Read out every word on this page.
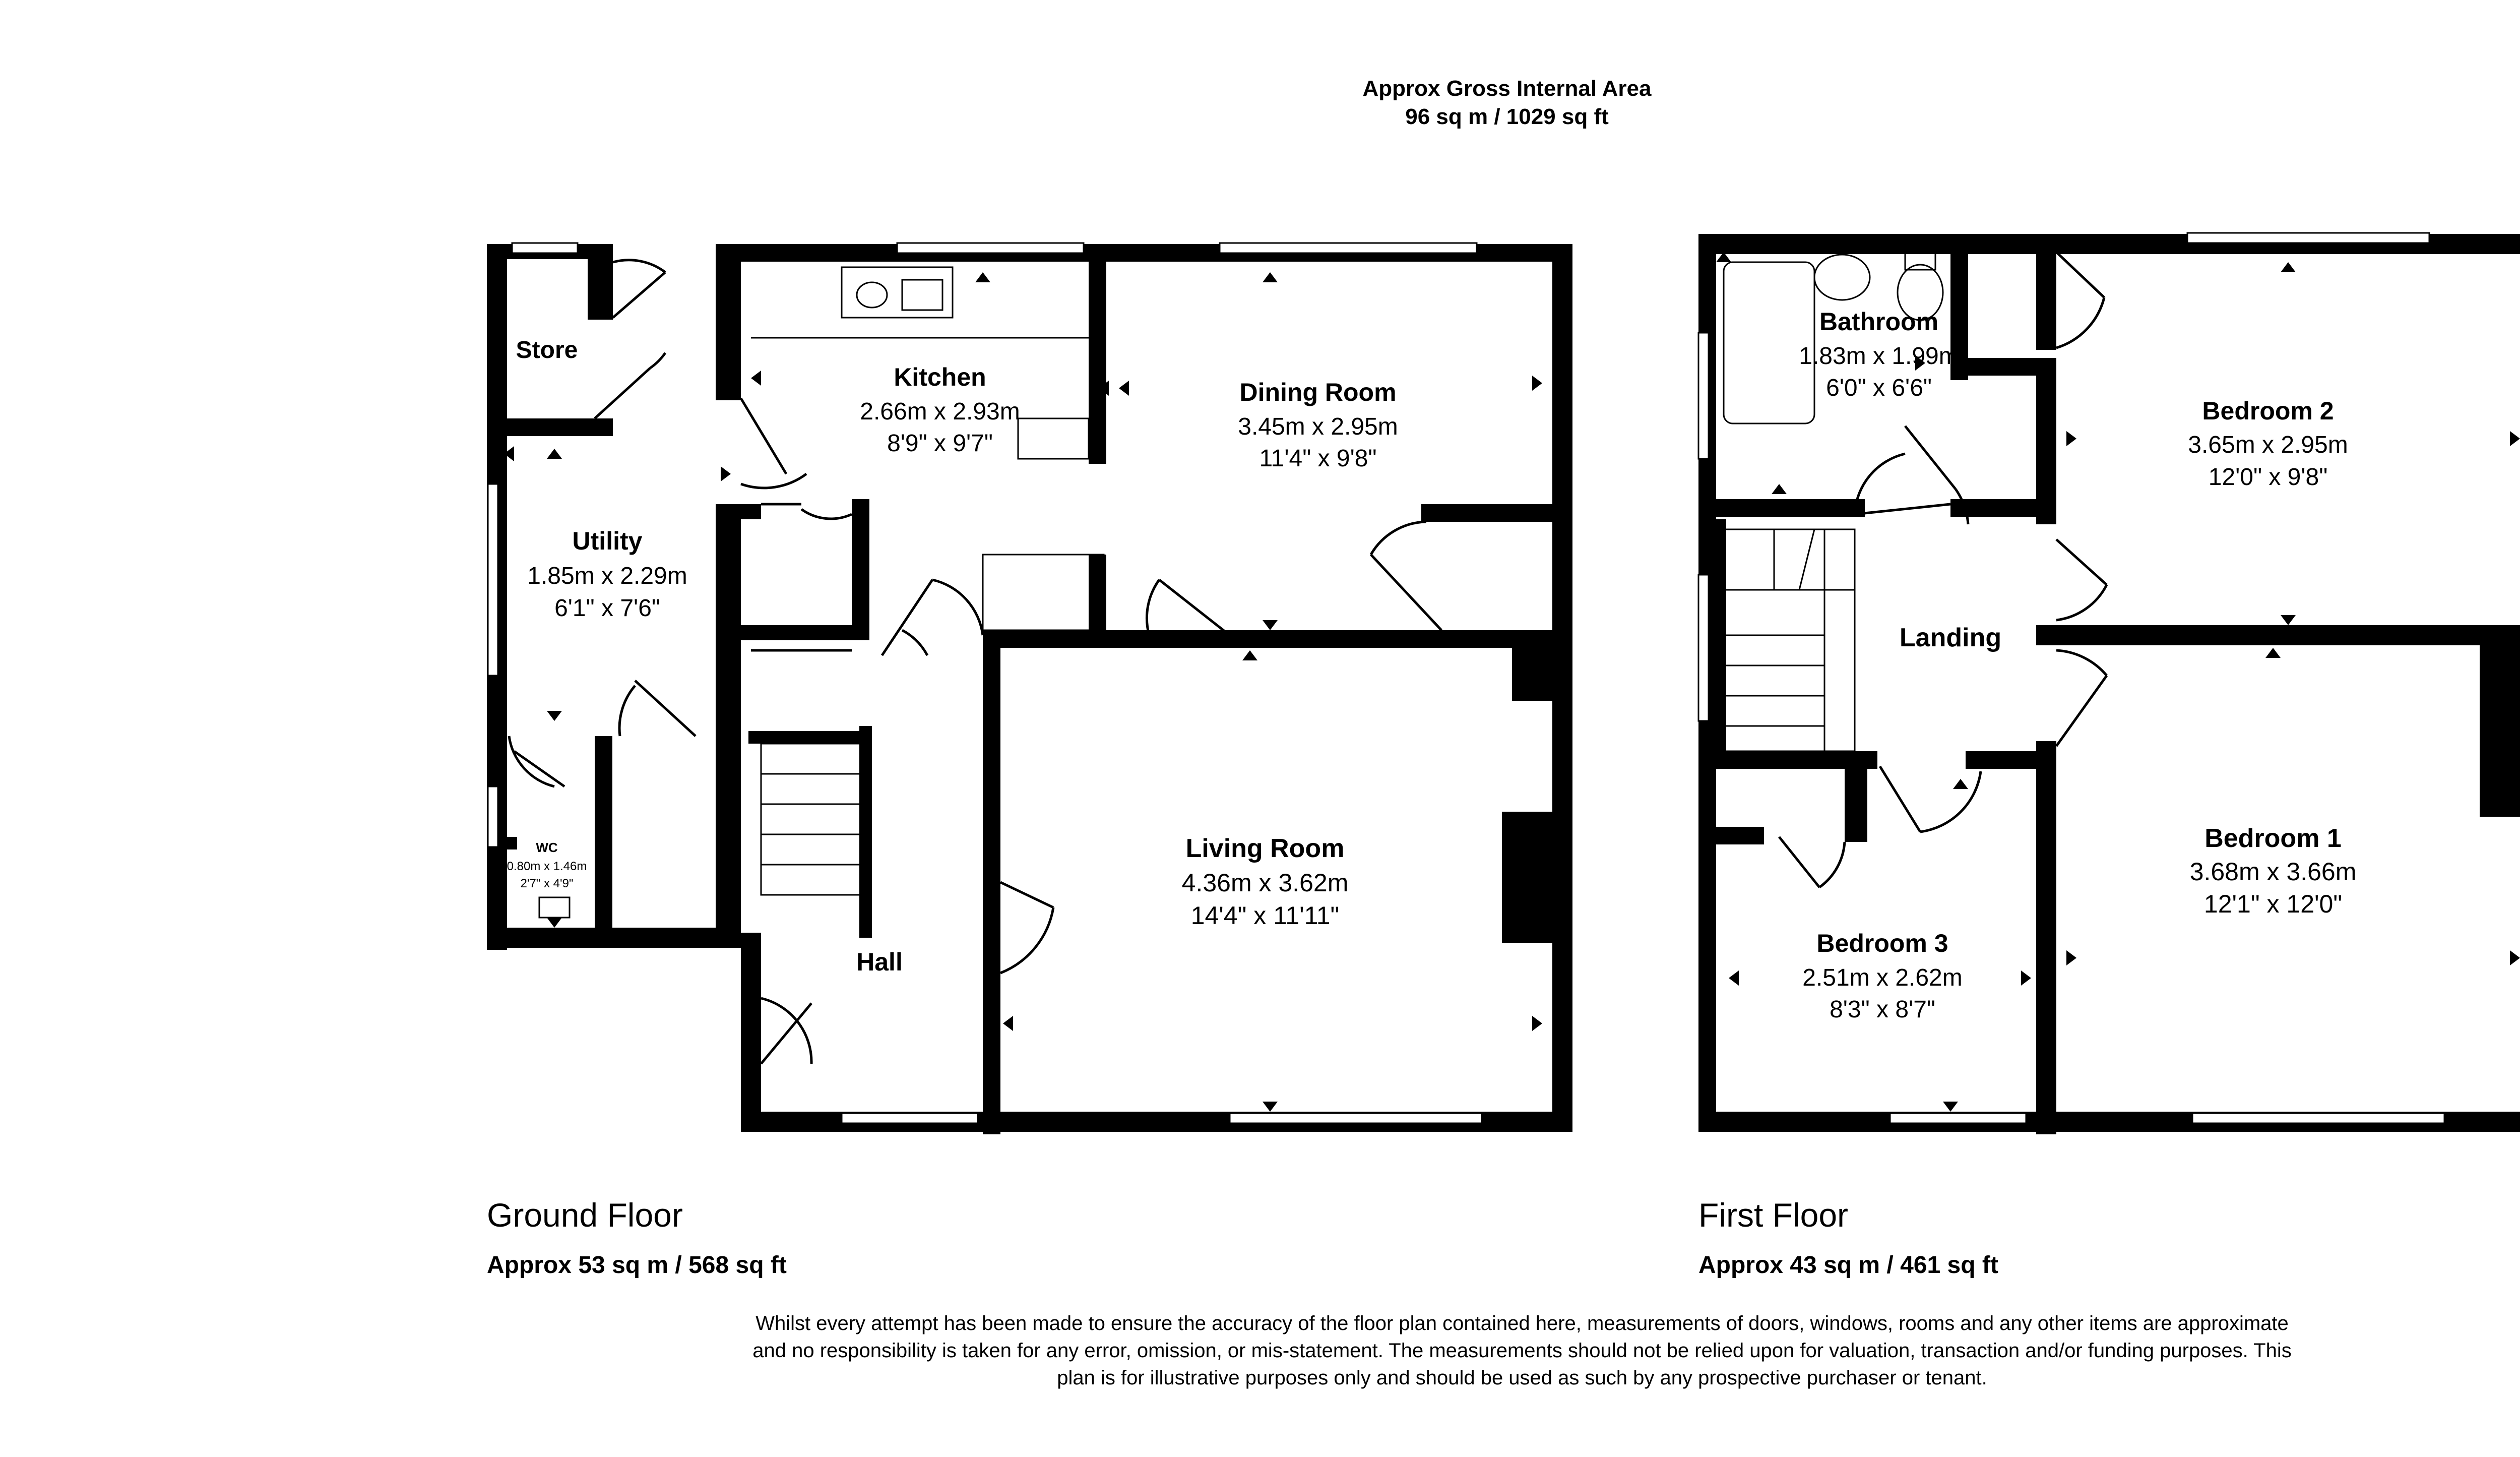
Approx Gross Internal Area
96 sq m / 1029 sq ft
Ground Floor
Approx 53 sq m / 568 sq ft
First Floor
Approx 43 sq m / 461 sq ft
Whilst every attempt has been made to ensure the accuracy of the floor plan contained here, measurements of doors, windows, rooms and any other items are approximate and no responsibility is taken for any error, omission, or mis-statement. The measurements should not be relied upon for valuation, transaction and/or funding purposes. This plan is for illustrative purposes only and should be used as such by any prospective purchaser or tenant.
Store
Utility
1.85m x 2.29m
6'1" x 7'6"
WC
0.80m x 1.46m
2'7" x 4'9"
Kitchen
2.66m x 2.93m
8'9" x 9'7"
Dining Room
3.45m x 2.95m
11'4" x 9'8"
Living Room
4.36m x 3.62m
14'4" x 11'11"
Hall
Bathroom
1.83m x 1.99m
6'0" x 6'6"
Bedroom 2
3.65m x 2.95m
12'0" x 9'8"
Landing
Bedroom 1
3.68m x 3.66m
12'1" x 12'0"
Bedroom 3
2.51m x 2.62m
8'3" x 8'7"
